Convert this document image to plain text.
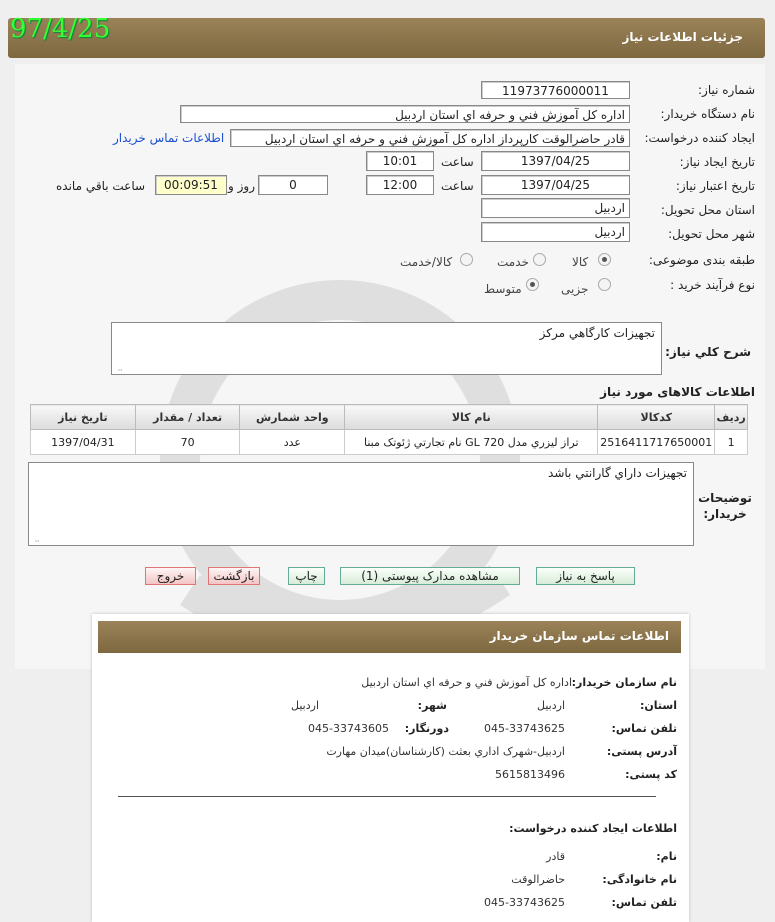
جزئیات اطلاعات نیاز
97/4/25
شماره نیاز:
11973776000011
نام دستگاه خریدار:
اداره کل آموزش فني و حرفه اي استان اردبيل
ایجاد کننده درخواست:
قادر حاضرالوقت کارپرداز اداره کل آموزش فني و حرفه اي استان اردبيل
اطلاعات تماس خریدار
تاریخ ایجاد نیاز:
1397/04/25
ساعت
10:01
تاریخ اعتبار نیاز:
1397/04/25
ساعت
12:00
0
روز و
00:09:51
ساعت باقي مانده
استان محل تحویل:
اردبيل
شهر محل تحویل:
اردبيل
طبقه بندی موضوعی:
کالا
خدمت
کالا/خدمت
نوع فرآیند خرید :
جزیی
متوسط
شرح کلي نیاز:
تجهيزات کارگاهي مرکز
⣀
اطلاعات کالاهای مورد نیاز
ردیف	کدکالا	نام کالا	واحد شمارش	تعداد / مقدار	تاریخ نیاز
1	2516411717650001	تراز ليزري مدل GL 720 نام تجارتي ژئوتک مبنا	عدد	70	1397/04/31
توضیحات خریدار:
تجهيزات داراي گارانتي باشد
⣀
پاسخ به نیاز
مشاهده مدارک پیوستی (1)
چاپ
بازگشت
خروج
اطلاعات تماس سازمان خریدار
نام سازمان خریدار:
اداره کل آموزش فني و حرفه اي استان اردبيل
استان:
اردبيل
شهر:
اردبيل
تلفن تماس:
045-33743625
دورنگار:
045-33743605
آدرس پستی:
اردبيل-شهرک اداري بعثت (کارشناسان)ميدان مهارت
کد پستی:
5615813496
اطلاعات ایجاد کننده درخواست:
نام:
قادر
نام خانوادگی:
حاضرالوقت
تلفن تماس:
045-33743625
